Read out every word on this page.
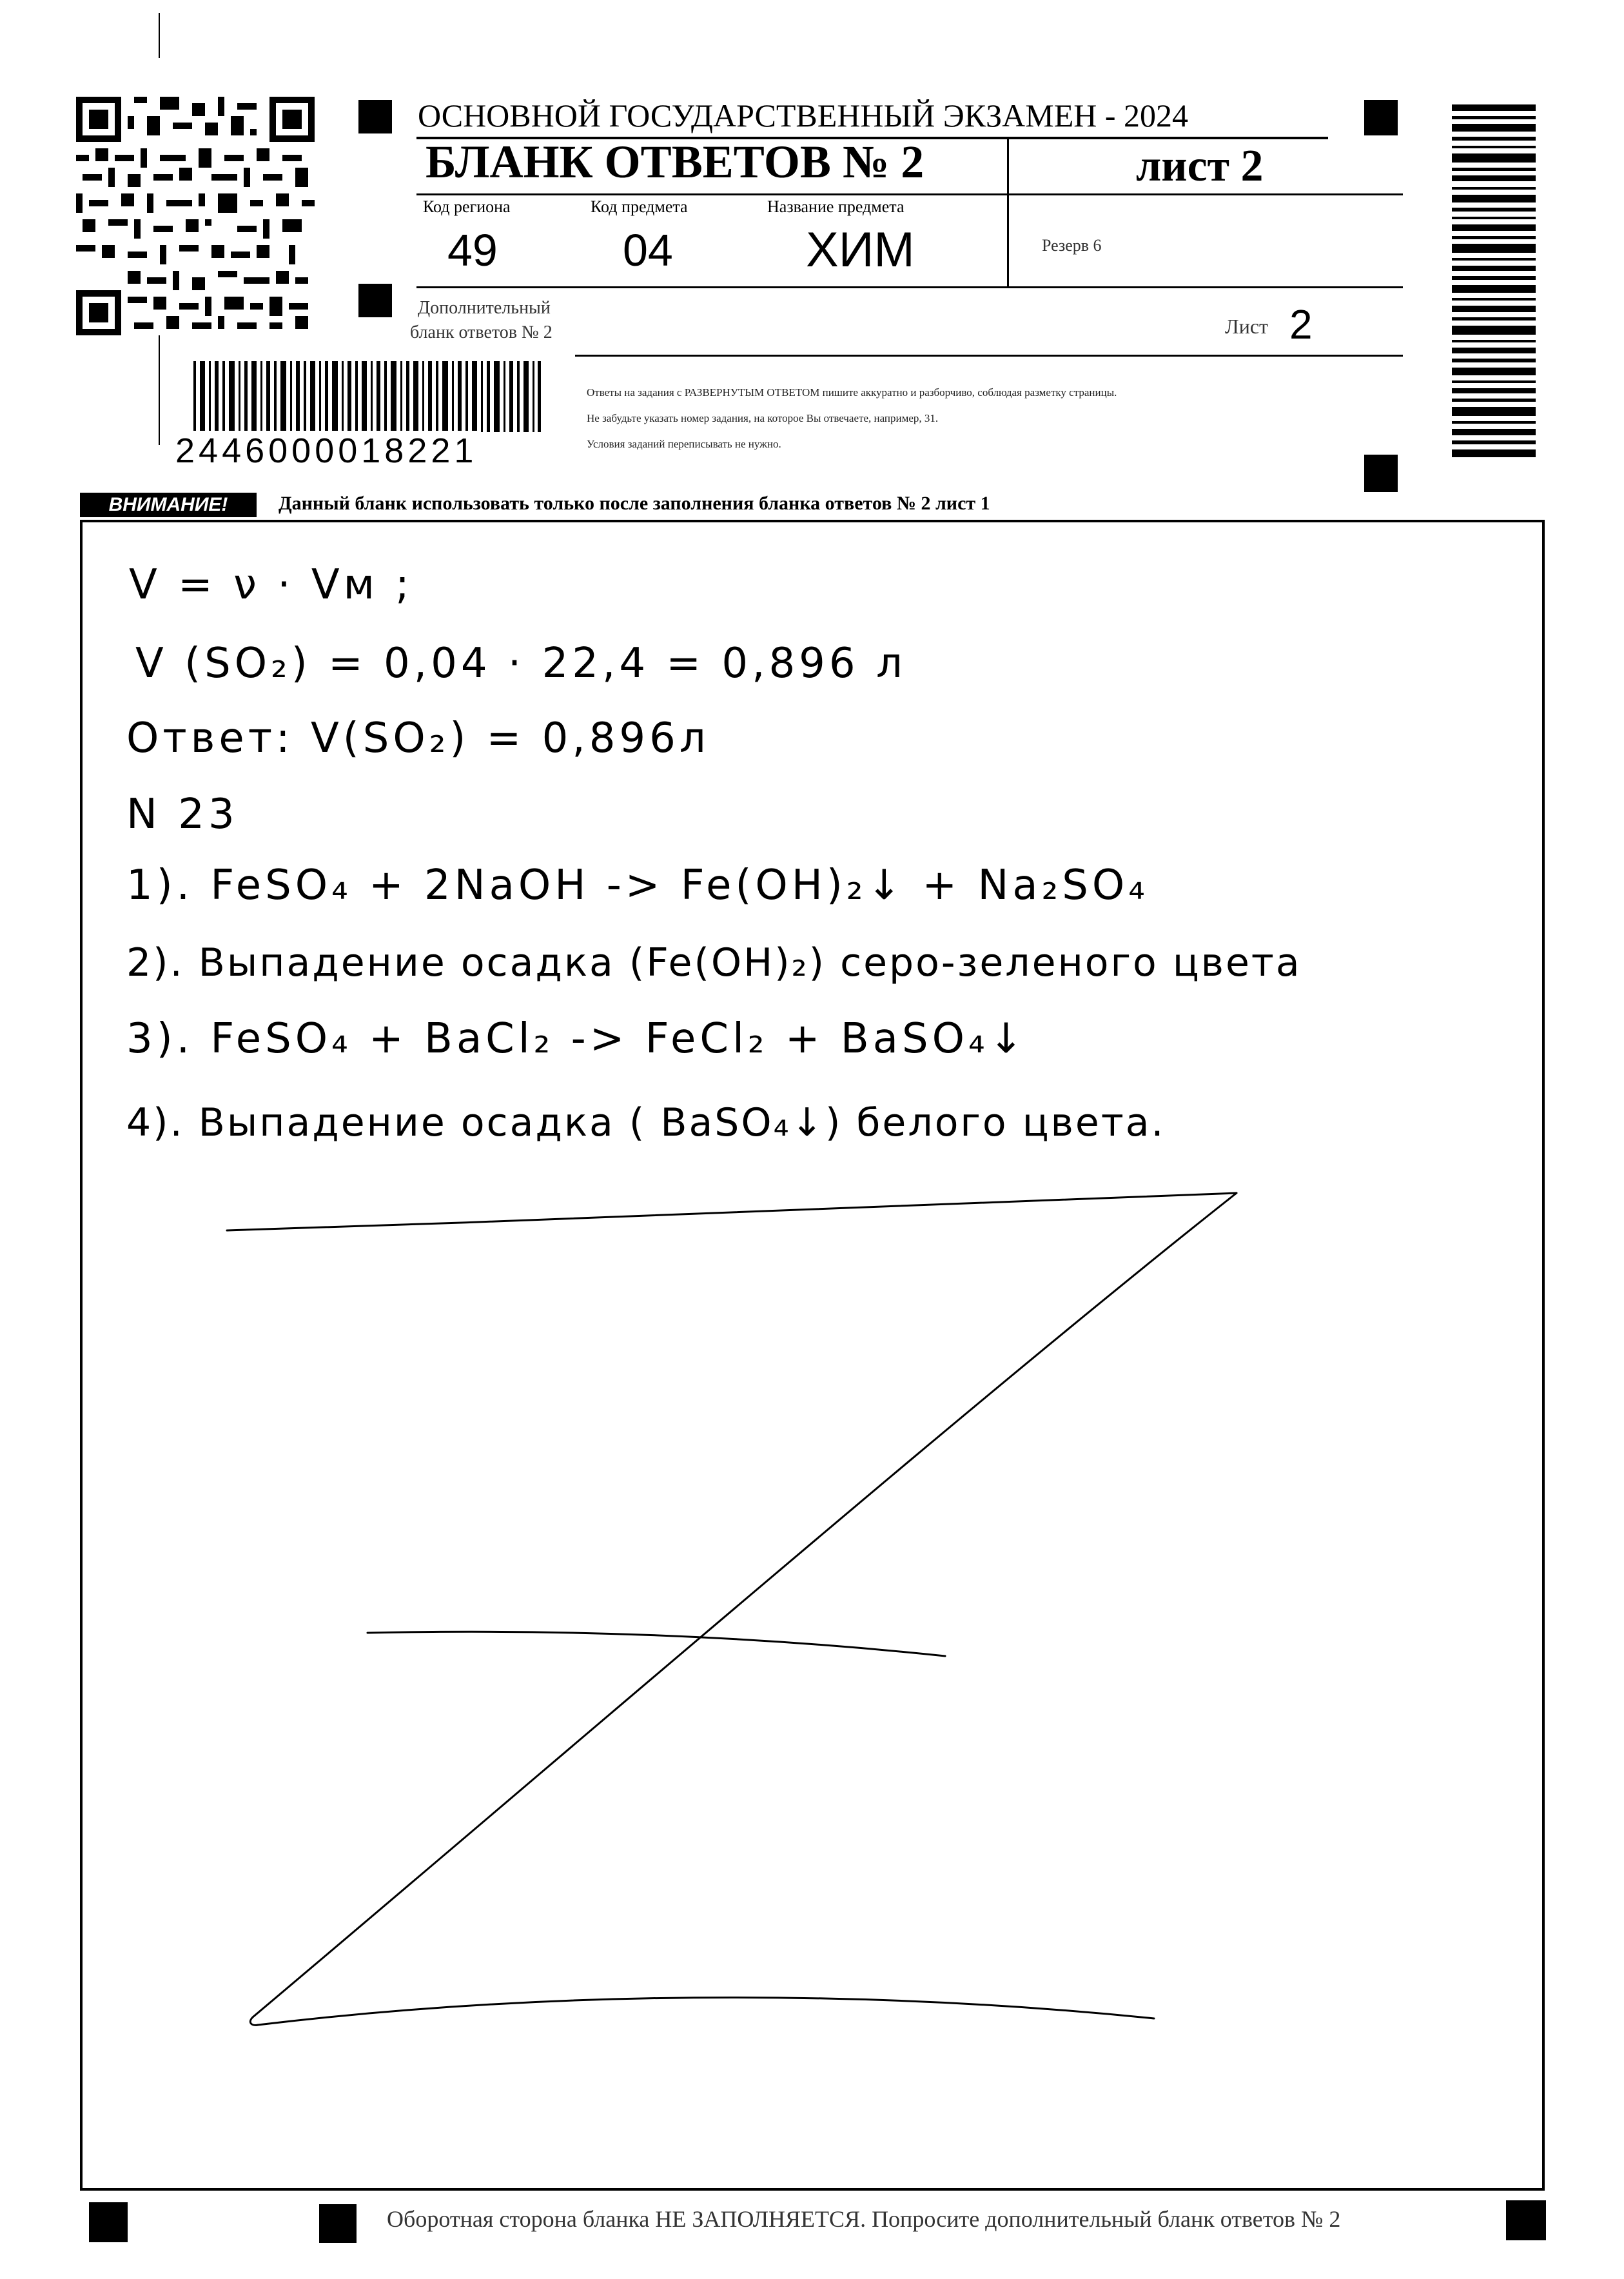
ОСНОВНОЙ ГОСУДАРСТВЕННЫЙ ЭКЗАМЕН - 2024
БЛАНК ОТВЕТОВ № 2	лист 2
Код региона
49
Код предмета
04
Название предмета
ХИМ	Резерв 6
Дополнительный
бланк ответов № 2	Лист 2
2446000018221
Ответы на задания с РАЗВЕРНУТЫМ ОТВЕТОМ пишите аккуратно и разборчиво, соблюдая разметку страницы.
Не забудьте указать номер задания, на которое Вы отвечаете, например, 31.
Условия заданий переписывать не нужно.
ВНИМАНИЕ!	Данный бланк использовать только после заполнения бланка ответов № 2 лист 1
V = ν · Vм ;
V (SO₂) = 0,04 · 22,4 = 0,896 л
Ответ: V(SO₂) = 0,896л
N 23
1). FeSO₄ + 2NaOH -> Fe(OH)₂↓ + Na₂SO₄
2). Выпадение осадка (Fe(OH)₂) серо-зеленого цвета
3). FeSO₄ + BaCl₂ -> FeCl₂ + BaSO₄↓
4). Выпадение осадка ( BaSO₄↓) белого цвета.
Оборотная сторона бланка НЕ ЗАПОЛНЯЕТСЯ. Попросите дополнительный бланк ответов № 2
